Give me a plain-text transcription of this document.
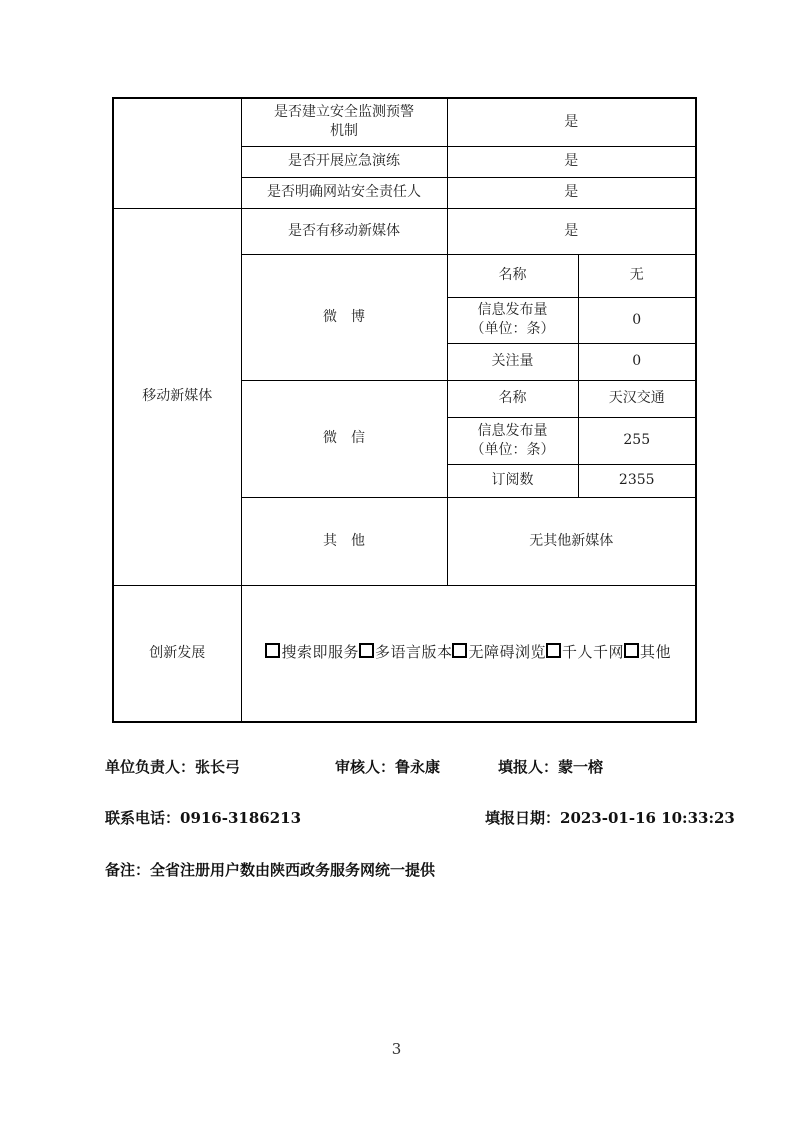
	是否建立安全监测预警
机制	是	
	是否开展应急演练	是	
	是否明确网站安全责任人	是	
移动新媒体	是否有移动新媒体	是	
	微　博	名称	无

		信息发布量
（单位：条）	0
		关注量	0
	微　信	名称	天汉交通

		信息发布量
（单位：条）	255
		订阅数	2355
	其　他	无其他新媒体	
创新发展	搜索即服务 多语言版本 无障碍浏览 千人千网 其他		
单位负责人：张长弓	审核人：鲁永康	填报人：蒙一榕
联系电话：0916-3186213	填报日期：2023-01-16 10:33:23
备注：全省注册用户数由陕西政务服务网统一提供
3
